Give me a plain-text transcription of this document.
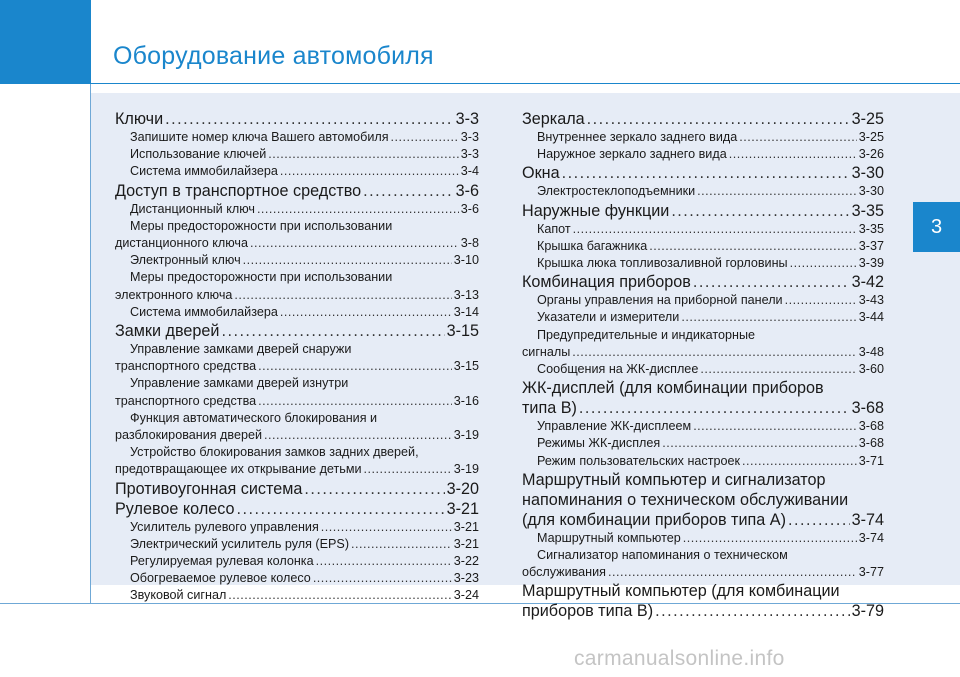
Оборудование автомобиля
3
Ключи . . .	3-3
Запишите номер ключа Вашего автомобиля . . .	3-3
Использование ключей . . .	3-3
Система иммобилайзера . . .	3-4
Доступ в транспортное средство . . .	3-6
Дистанционный ключ . . .	3-6
Меры предосторожности при использовании
дистанционного ключа . . .	3-8
Электронный ключ . . .	3-10
Меры предосторожности при использовании
электронного ключа . . .	3-13
Система иммобилайзера . . .	3-14
Замки дверей . . .	3-15
Управление замками дверей снаружи
транспортного средства . . .	3-15
Управление замками дверей изнутри
транспортного средства . . .	3-16
Функция автоматического блокирования и
разблокирования дверей . . .	3-19
Устройство блокирования замков задних дверей,
предотвращающее их открывание детьми . . .	3-19
Противоугонная система . . .	3-20
Рулевое колесо . . .	3-21
Усилитель рулевого управления . . .	3-21
Электрический усилитель руля (EPS) . . .	3-21
Регулируемая рулевая колонка . . .	3-22
Обогреваемое рулевое колесо . . .	3-23
Звуковой сигнал . . .	3-24
Зеркала . . .	3-25
Внутреннее зеркало заднего вида . . .	3-25
Наружное зеркало заднего вида . . .	3-26
Окна . . .	3-30
Электростеклоподъемники . . .	3-30
Наружные функции . . .	3-35
Капот . . .	3-35
Крышка багажника . . .	3-37
Крышка люка топливозаливной горловины . . .	3-39
Комбинация приборов . . .	3-42
Органы управления на приборной панели . . .	3-43
Указатели и измерители . . .	3-44
Предупредительные и индикаторные
сигналы . . .	3-48
Сообщения на ЖК-дисплее . . .	3-60
ЖК-дисплей (для комбинации приборов
типа B) . . .	3-68
Управление ЖК-дисплеем . . .	3-68
Режимы ЖК-дисплея . . .	3-68
Режим пользовательских настроек . . .	3-71
Маршрутный компьютер и сигнализатор
напоминания о техническом обслуживании
(для комбинации приборов типа A) . . .	3-74
Маршрутный компьютер . . .	3-74
Сигнализатор напоминания о техническом
обслуживания . . .	3-77
Маршрутный компьютер (для комбинации
приборов типа B) . . .	3-79
carmanualsonline.info
